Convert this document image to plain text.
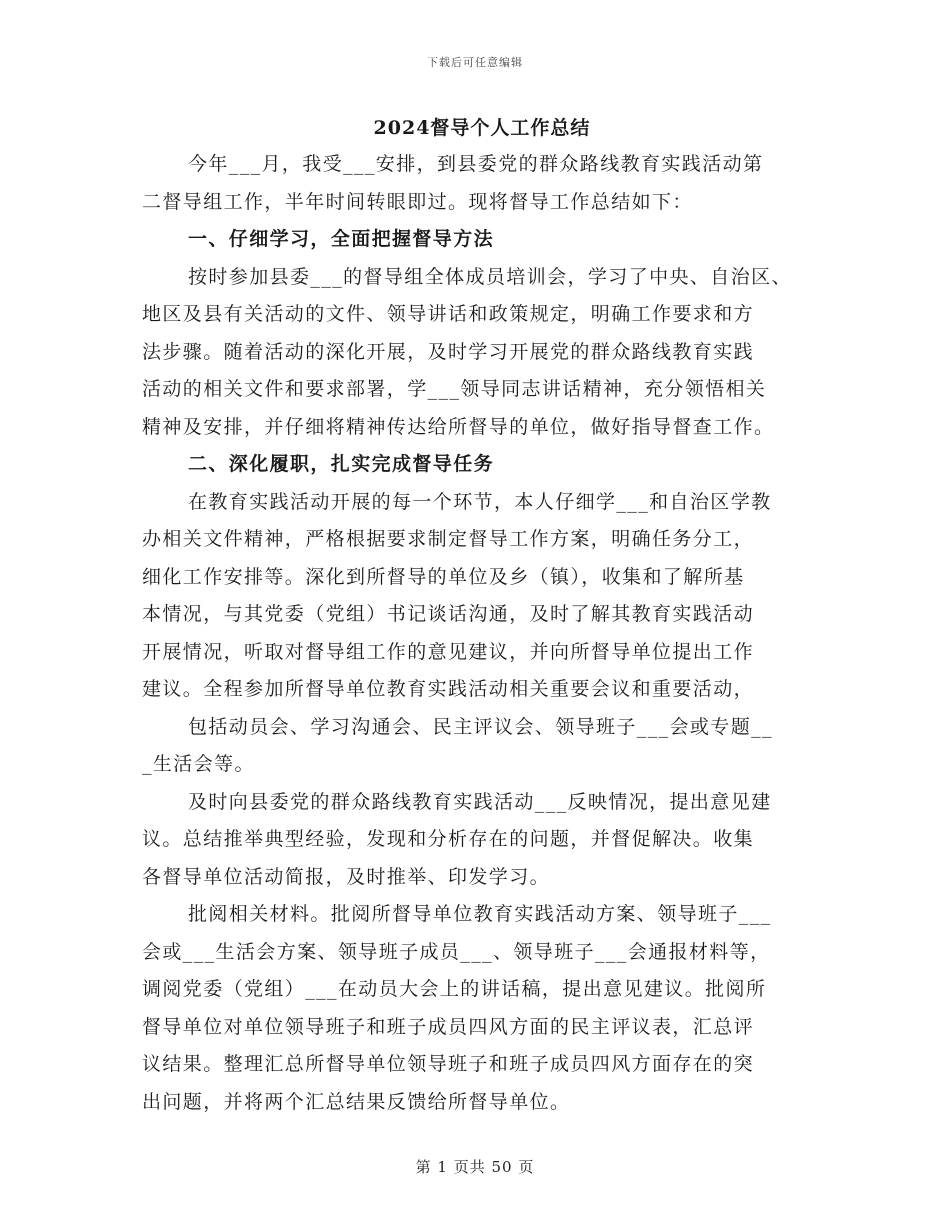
下载后可任意编辑
2024督导个人工作总结

今年___月，我受___安排，到县委党的群众路线教育实践活动第

二督导组工作，半年时间转眼即过。现将督导工作总结如下：

一、仔细学习，全面把握督导方法

按时参加县委___的督导组全体成员培训会，学习了中央、自治区、

地区及县有关活动的文件、领导讲话和政策规定，明确工作要求和方

法步骤。随着活动的深化开展，及时学习开展党的群众路线教育实践

活动的相关文件和要求部署，学___领导同志讲话精神，充分领悟相关

精神及安排，并仔细将精神传达给所督导的单位，做好指导督查工作。

二、深化履职，扎实完成督导任务

在教育实践活动开展的每一个环节，本人仔细学___和自治区学教

办相关文件精神，严格根据要求制定督导工作方案，明确任务分工，

细化工作安排等。深化到所督导的单位及乡（镇），收集和了解所基

本情况，与其党委（党组）书记谈话沟通，及时了解其教育实践活动

开展情况，听取对督导组工作的意见建议，并向所督导单位提出工作

建议。全程参加所督导单位教育实践活动相关重要会议和重要活动，

包括动员会、学习沟通会、民主评议会、领导班子___会或专题__

_生活会等。

及时向县委党的群众路线教育实践活动___反映情况，提出意见建

议。总结推举典型经验，发现和分析存在的问题，并督促解决。收集

各督导单位活动简报，及时推举、印发学习。

批阅相关材料。批阅所督导单位教育实践活动方案、领导班子___

会或___生活会方案、领导班子成员___、领导班子___会通报材料等，

调阅党委（党组）___在动员大会上的讲话稿，提出意见建议。批阅所

督导单位对单位领导班子和班子成员四风方面的民主评议表，汇总评

议结果。整理汇总所督导单位领导班子和班子成员四风方面存在的突

出问题，并将两个汇总结果反馈给所督导单位。

第 1 页共 50 页
